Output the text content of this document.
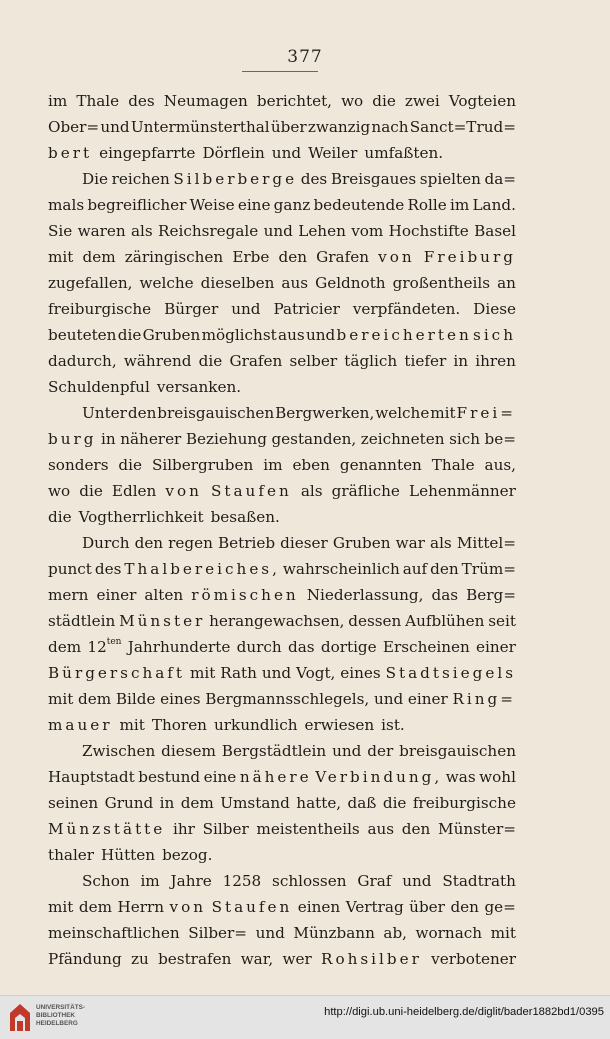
377
im Thale des Neumagen berichtet, wo die zwei Vogteien
Ober= und Untermünsterthal über zwanzig nach Sanct=Trud=
bert eingepfarrte Dörflein und Weiler umfaßten.
Die reichen Silberberge des Breisgaues spielten da=
mals begreiflicher Weise eine ganz bedeutende Rolle im Land.
Sie waren als Reichsregale und Lehen vom Hochstifte Basel
mit dem zäringischen Erbe den Grafen von Freiburg
zugefallen, welche dieselben aus Geldnoth großentheils an
freiburgische Bürger und Patricier verpfändeten. Diese
beuteten die Gruben möglichst aus und bereicherten sich
dadurch, während die Grafen selber täglich tiefer in ihren
Schuldenpful versanken.
Unter den breisgauischen Bergwerken, welche mit Frei=
burg in näherer Beziehung gestanden, zeichneten sich be=
sonders die Silbergruben im eben genannten Thale aus,
wo die Edlen von Staufen als gräfliche Lehenmänner
die Vogtherrlichkeit besaßen.
Durch den regen Betrieb dieser Gruben war als Mittel=
punct des Thalbereiches, wahrscheinlich auf den Trüm=
mern einer alten römischen Niederlassung, das Berg=
städtlein Münster herangewachsen, dessen Aufblühen seit
dem $12^{ten}$ Jahrhunderte durch das dortige Erscheinen einer
Bürgerschaft mit Rath und Vogt, eines Stadtsiegels
mit dem Bilde eines Bergmannsschlegels, und einer Ring=
mauer mit Thoren urkundlich erwiesen ist.
Zwischen diesem Bergstädtlein und der breisgauischen
Hauptstadt bestund eine nähere Verbindung, was wohl
seinen Grund in dem Umstand hatte, daß die freiburgische
Münzstätte ihr Silber meistentheils aus den Münster=
thaler Hütten bezog.
Schon im Jahre 1258 schlossen Graf und Stadtrath
mit dem Herrn von Staufen einen Vertrag über den ge=
meinschaftlichen Silber= und Münzbann ab, wornach mit
Pfändung zu bestrafen war, wer Rohsilber verbotener
UNIVERSITÄTS-
BIBLIOTHEK
HEIDELBERG
http://digi.ub.uni-heidelberg.de/diglit/bader1882bd1/0395
